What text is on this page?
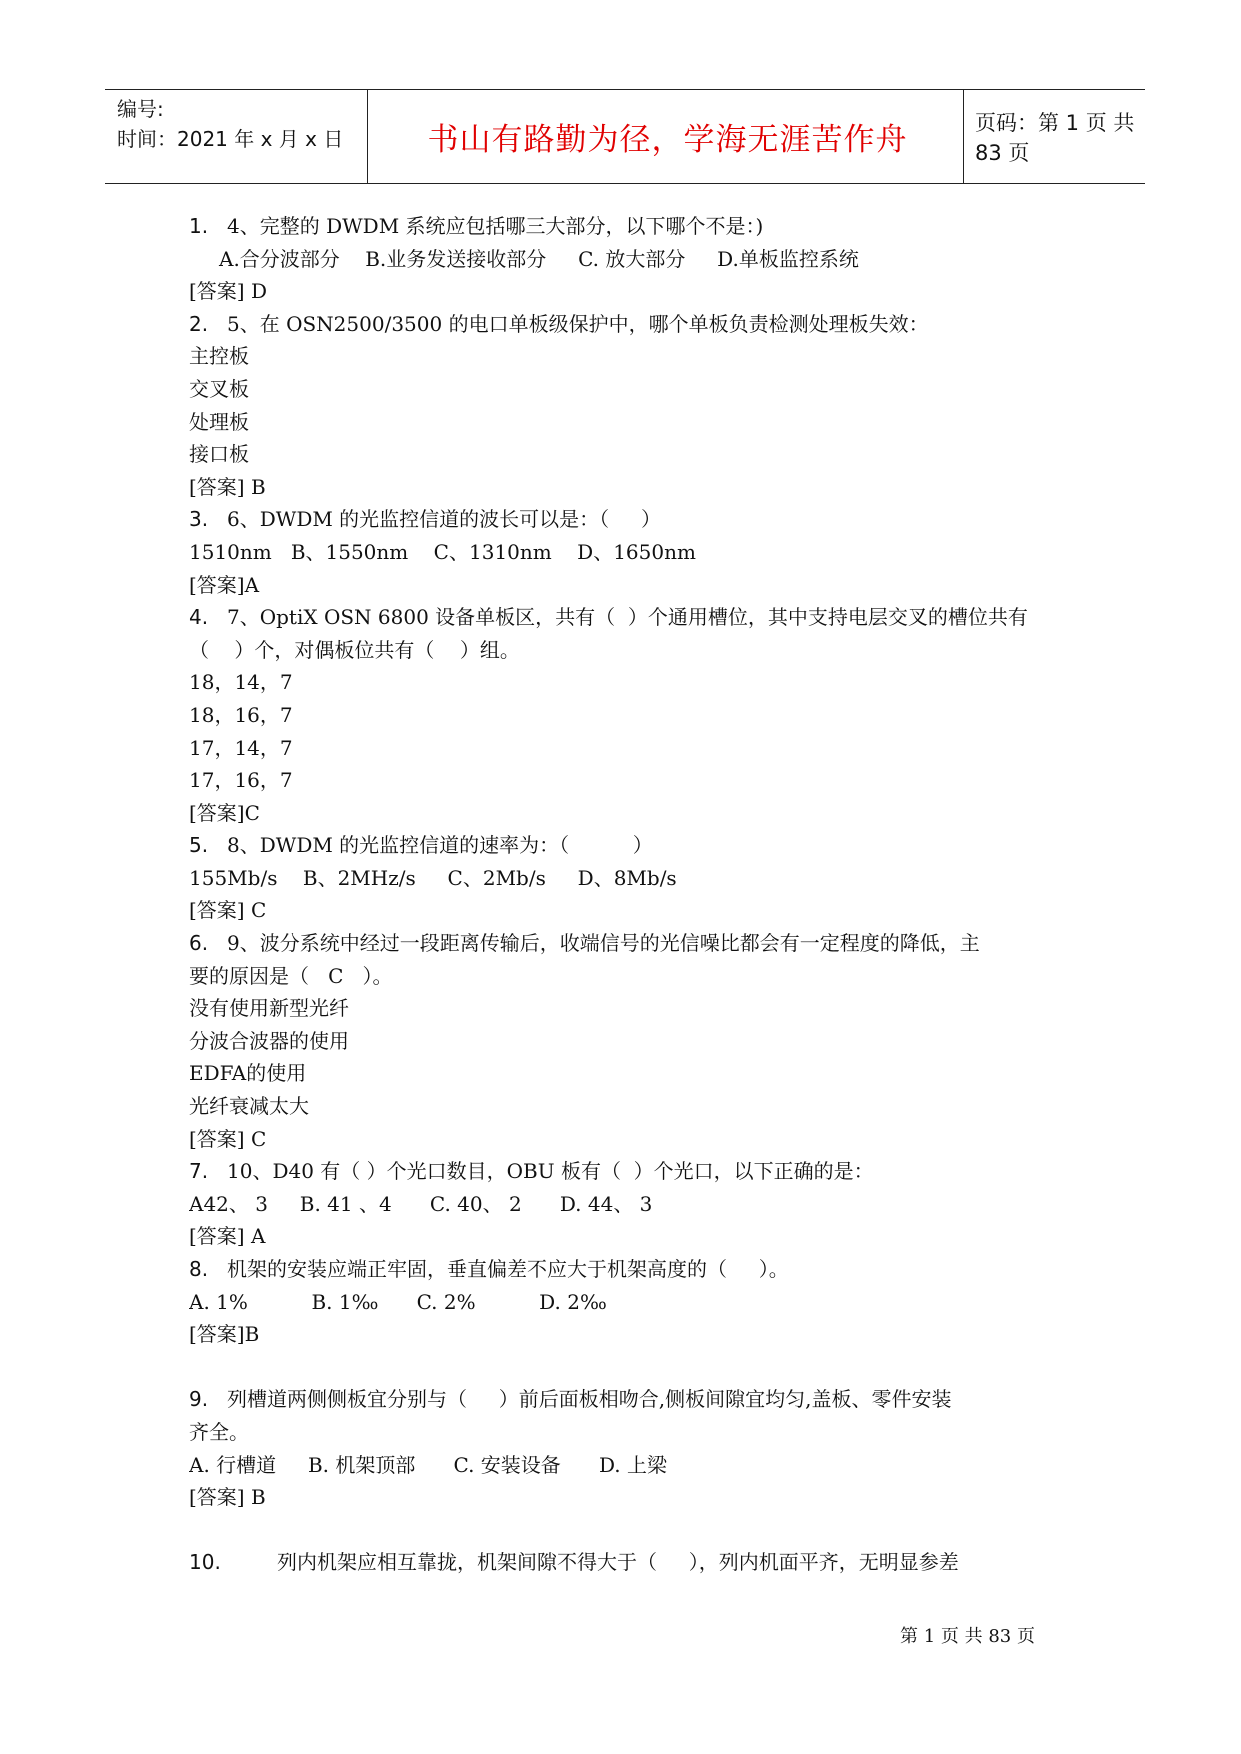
编号:
时间：2021 年 x 月 x 日	书山有路勤为径，学海无涯苦作舟	页码：第 1 页 共 83 页
1. 4、完整的 DWDM 系统应包括哪三大部分，以下哪个不是：)
A.合分波部分    B.业务发送接收部分     C. 放大部分     D.单板监控系统
[答案] D
2. 5、在 OSN2500/3500 的电口单板级保护中，哪个单板负责检测处理板失效：
主控板
交叉板
处理板
接口板
[答案] B
3. 6、DWDM 的光监控信道的波长可以是：（     ）
1510nm   B、1550nm    C、1310nm    D、1650nm
[答案]A
4. 7、OptiX OSN 6800 设备单板区，共有（  ）个通用槽位，其中支持电层交叉的槽位共有
（    ）个，对偶板位共有（    ）组。
18，14，7
18，16，7
17，14，7
17，16，7
[答案]C
5. 8、DWDM 的光监控信道的速率为：（          ）
155Mb/s    B、2MHz/s     C、2Mb/s     D、8Mb/s
[答案] C
6. 9、波分系统中经过一段距离传输后，收端信号的光信噪比都会有一定程度的降低，主
要的原因是（   C   ）。
没有使用新型光纤
分波合波器的使用
EDFA的使用
光纤衰减太大
[答案] C
7. 10、D40 有（ ）个光口数目，OBU 板有（  ）个光口，以下正确的是：
A42、 3     B. 41 、4      C. 40、 2      D. 44、 3
[答案] A
8. 机架的安装应端正牢固，垂直偏差不应大于机架高度的（     ）。
A. 1%          B. 1‰      C. 2%          D. 2‰
[答案]B
9. 列槽道两侧侧板宜分别与（     ）前后面板相吻合,侧板间隙宜均匀,盖板、零件安装
齐全。
A. 行槽道     B. 机架顶部      C. 安装设备      D. 上梁
[答案] B
10.	列内机架应相互靠拢，机架间隙不得大于（     ），列内机面平齐，无明显参差
第 1 页 共 83 页
